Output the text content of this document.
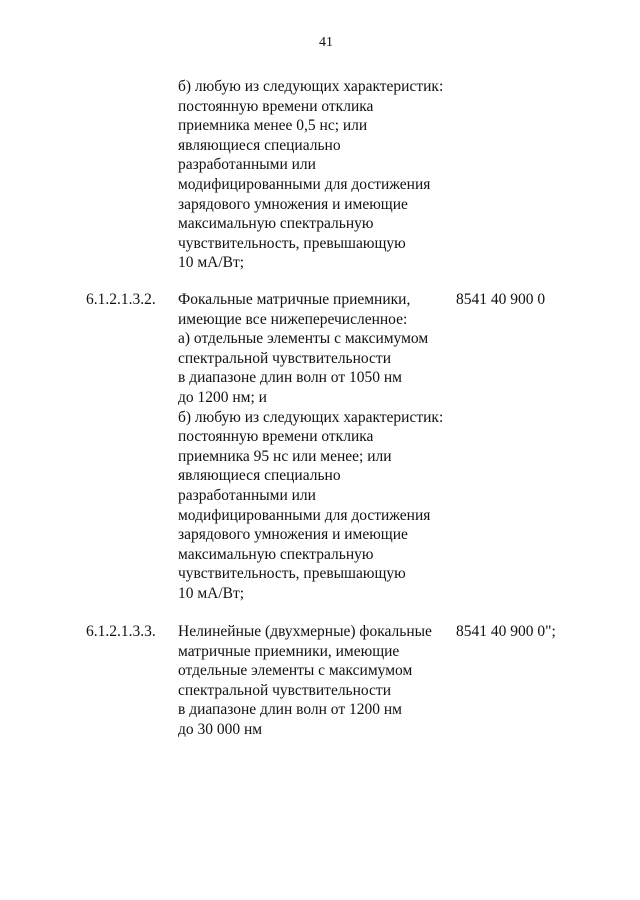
41
б) любую из следующих характеристик:
постоянную времени отклика
приемника менее 0,5 нс; или
являющиеся специально
разработанными или
модифицированными для достижения
зарядового умножения и имеющие
максимальную спектральную
чувствительность, превышающую
10 мА/Вт;
6.1.2.1.3.2.	8541 40 900 0
Фокальные матричные приемники,
имеющие все нижеперечисленное:
а) отдельные элементы с максимумом
спектральной чувствительности
в диапазоне длин волн от 1050 нм
до 1200 нм; и
б) любую из следующих характеристик:
постоянную времени отклика
приемника 95 нс или менее; или
являющиеся специально
разработанными или
модифицированными для достижения
зарядового умножения и имеющие
максимальную спектральную
чувствительность, превышающую
10 мА/Вт;
6.1.2.1.3.3.	8541 40 900 0";
Нелинейные (двухмерные) фокальные
матричные приемники, имеющие
отдельные элементы с максимумом
спектральной чувствительности
в диапазоне длин волн от 1200 нм
до 30 000 нм
